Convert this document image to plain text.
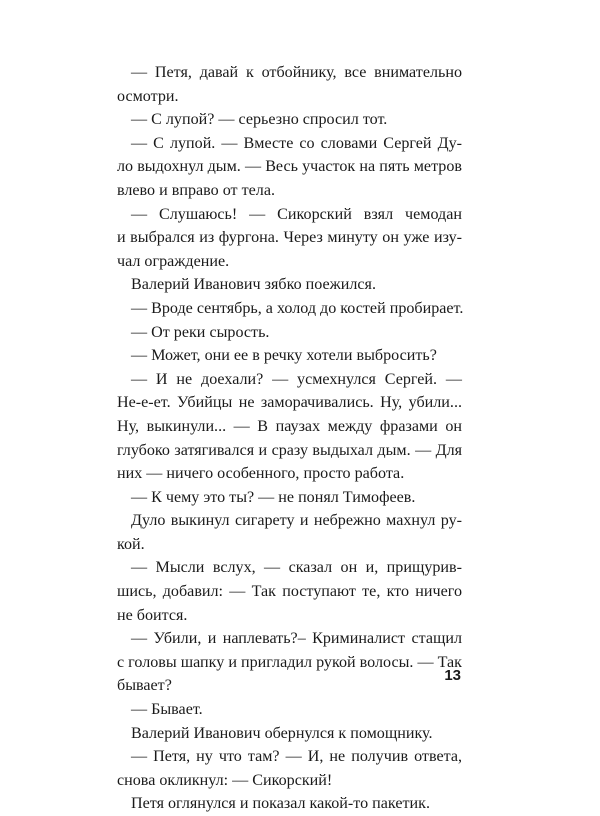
— Петя, давай к отбойнику, все внимательно
осмотри.
— С лупой? — серьезно спросил тот.
— С лупой. — Вместе со словами Сергей Ду-
ло выдохнул дым. — Весь участок на пять метров
влево и вправо от тела.
— Слушаюсь! — Сикорский взял чемодан
и выбрался из фургона. Через минуту он уже изу-
чал ограждение.
Валерий Иванович зябко поежился.
— Вроде сентябрь, а холод до костей пробирает.
— От реки сырость.
— Может, они ее в речку хотели выбросить?
— И не доехали? — усмехнулся Сергей. —
Не-е-ет. Убийцы не заморачивались. Ну, убили...
Ну, выкинули... — В паузах между фразами он
глубоко затягивался и сразу выдыхал дым. — Для
них — ничего особенного, просто работа.
— К чему это ты? — не понял Тимофеев.
Дуло выкинул сигарету и небрежно махнул ру-
кой.
— Мысли вслух, — сказал он и, прищурив-
шись, добавил: — Так поступают те, кто ничего
не боится.
— Убили, и наплевать?– Криминалист стащил
с головы шапку и пригладил рукой волосы. — Так
бывает?
— Бывает.
Валерий Иванович обернулся к помощнику.
— Петя, ну что там? — И, не получив ответа,
снова окликнул: — Сикорский!
Петя оглянулся и показал какой-то пакетик.
13
